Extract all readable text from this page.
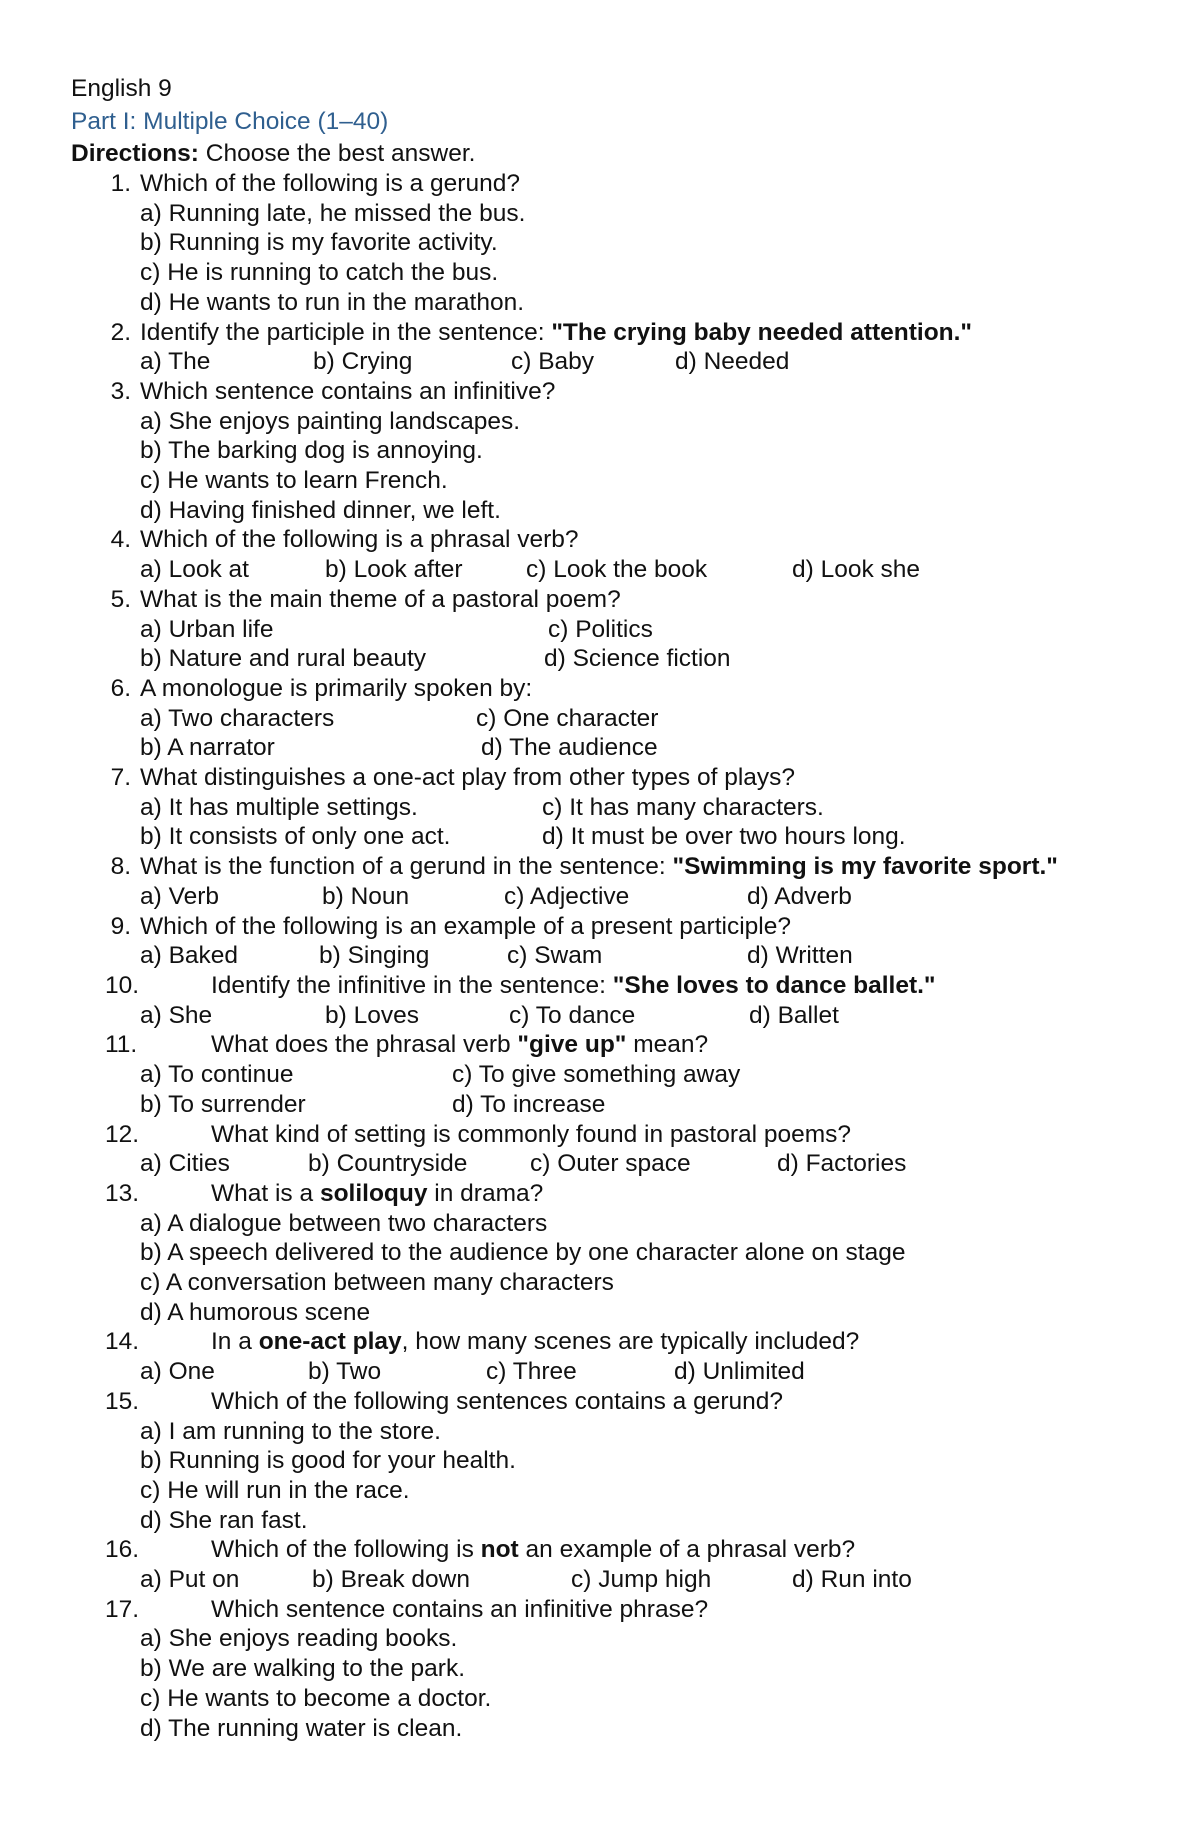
English 9
Part I: Multiple Choice (1–40)
Directions: Choose the best answer.
1. Which of the following is a gerund?
a) Running late, he missed the bus.
b) Running is my favorite activity.
c) He is running to catch the bus.
d) He wants to run in the marathon.
2. Identify the participle in the sentence: "The crying baby needed attention."
a) The	b) Crying	c) Baby	d) Needed
3. Which sentence contains an infinitive?
a) She enjoys painting landscapes.
b) The barking dog is annoying.
c) He wants to learn French.
d) Having finished dinner, we left.
4. Which of the following is a phrasal verb?
a) Look at	b) Look after	c) Look the book	d) Look she
5. What is the main theme of a pastoral poem?
a) Urban life	c) Politics
b) Nature and rural beauty	d) Science fiction
6. A monologue is primarily spoken by:
a) Two characters	c) One character
b) A narrator	d) The audience
7. What distinguishes a one-act play from other types of plays?
a) It has multiple settings.	c) It has many characters.
b) It consists of only one act.	d) It must be over two hours long.
8. What is the function of a gerund in the sentence: "Swimming is my favorite sport."
a) Verb	b) Noun	c) Adjective	d) Adverb
9. Which of the following is an example of a present participle?
a) Baked	b) Singing	c) Swam	d) Written
10.	Identify the infinitive in the sentence: "She loves to dance ballet."
a) She	b) Loves	c) To dance	d) Ballet
11.	What does the phrasal verb "give up" mean?
a) To continue	c) To give something away
b) To surrender	d) To increase
12.	What kind of setting is commonly found in pastoral poems?
a) Cities	b) Countryside	c) Outer space	d) Factories
13.	What is a soliloquy in drama?
a) A dialogue between two characters
b) A speech delivered to the audience by one character alone on stage
c) A conversation between many characters
d) A humorous scene
14.	In a one-act play, how many scenes are typically included?
a) One	b) Two	c) Three	d) Unlimited
15.	Which of the following sentences contains a gerund?
a) I am running to the store.
b) Running is good for your health.
c) He will run in the race.
d) She ran fast.
16.	Which of the following is not an example of a phrasal verb?
a) Put on	b) Break down	c) Jump high	d) Run into
17.	Which sentence contains an infinitive phrase?
a) She enjoys reading books.
b) We are walking to the park.
c) He wants to become a doctor.
d) The running water is clean.
